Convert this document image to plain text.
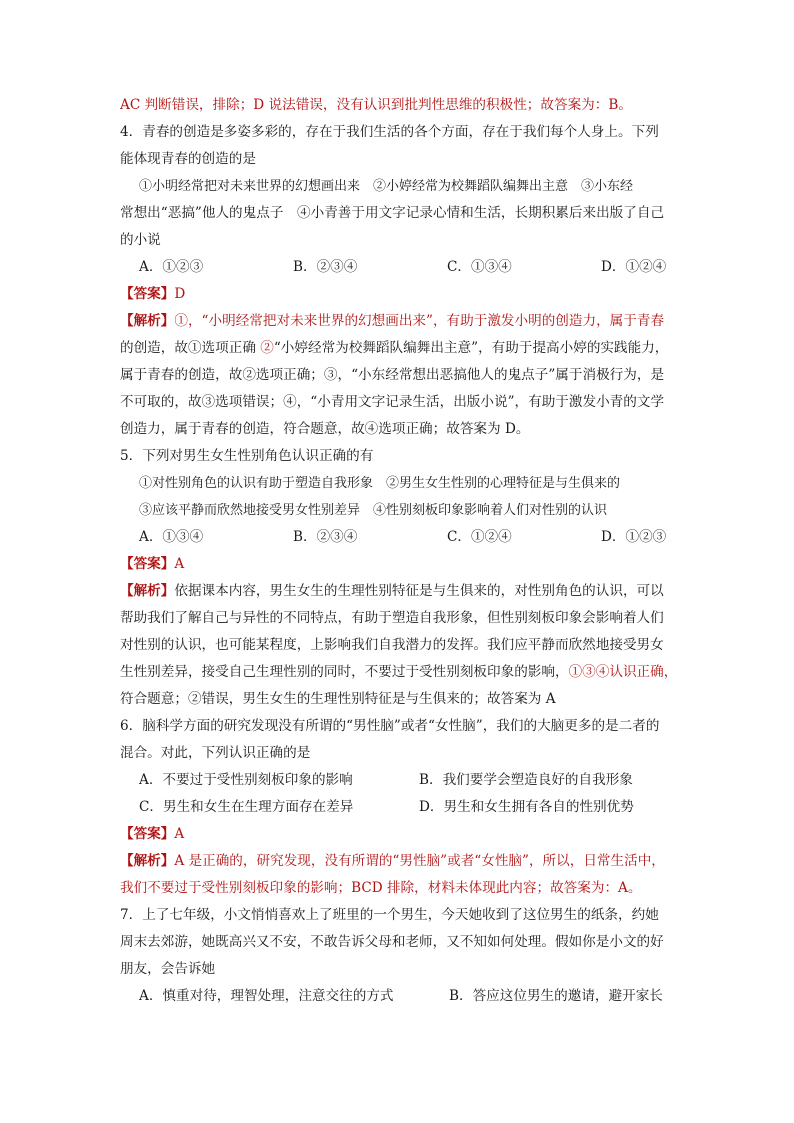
AC 判断错误，排除；D 说法错误，没有认识到批判性思维的积极性；故答案为：B。

4．青春的创造是多姿多彩的，存在于我们生活的各个方面，存在于我们每个人身上。下列

能体现青春的创造的是

①小明经常把对未来世界的幻想画出来　②小婷经常为校舞蹈队编舞出主意　③小东经

常想出“恶搞”他人的鬼点子　④小青善于用文字记录心情和生活，长期积累后来出版了自己

的小说

A．①②③	B．②③④	C．①③④	D．①②④

【答案】D

【解析】①，“小明经常把对未来世界的幻想画出来”，有助于激发小明的创造力，属于青春

的创造，故①选项正确 ②“小婷经常为校舞蹈队编舞出主意”，有助于提高小婷的实践能力，

属于青春的创造，故②选项正确；③，“小东经常想出恶搞他人的鬼点子”属于消极行为，是

不可取的，故③选项错误；④，“小青用文字记录生活，出版小说”，有助于激发小青的文学

创造力，属于青春的创造，符合题意，故④选项正确；故答案为 D。

5．下列对男生女生性别角色认识正确的有

①对性别角色的认识有助于塑造自我形象　②男生女生性别的心理特征是与生俱来的

③应该平静而欣然地接受男女性别差异　④性别刻板印象影响着人们对性别的认识

A．①③④	B．②③④	C．①②④	D．①②③

【答案】A

【解析】依据课本内容，男生女生的生理性别特征是与生俱来的，对性别角色的认识，可以

帮助我们了解自己与异性的不同特点，有助于塑造自我形象，但性别刻板印象会影响着人们

对性别的认识，也可能某程度，上影响我们自我潜力的发挥。我们应平静而欣然地接受男女

生性别差异，接受自己生理性别的同时，不要过于受性别刻板印象的影响，①③④认识正确，

符合题意；②错误，男生女生的生理性别特征是与生俱来的；故答案为 A

6．脑科学方面的研究发现没有所谓的“男性脑”或者“女性脑”，我们的大脑更多的是二者的

混合。对此，下列认识正确的是

A．不要过于受性别刻板印象的影响	B．我们要学会塑造良好的自我形象
C．男生和女生在生理方面存在差异	D．男生和女生拥有各自的性别优势

【答案】A

【解析】A 是正确的，研究发现，没有所谓的“男性脑”或者“女性脑”，所以，日常生活中，

我们不要过于受性别刻板印象的影响；BCD 排除，材料未体现此内容；故答案为：A。

7．上了七年级，小文悄悄喜欢上了班里的一个男生，今天她收到了这位男生的纸条，约她

周末去郊游，她既高兴又不安，不敢告诉父母和老师，又不知如何处理。假如你是小文的好

朋友，会告诉她

A．慎重对待，理智处理，注意交往的方式	B．答应这位男生的邀请，避开家长
